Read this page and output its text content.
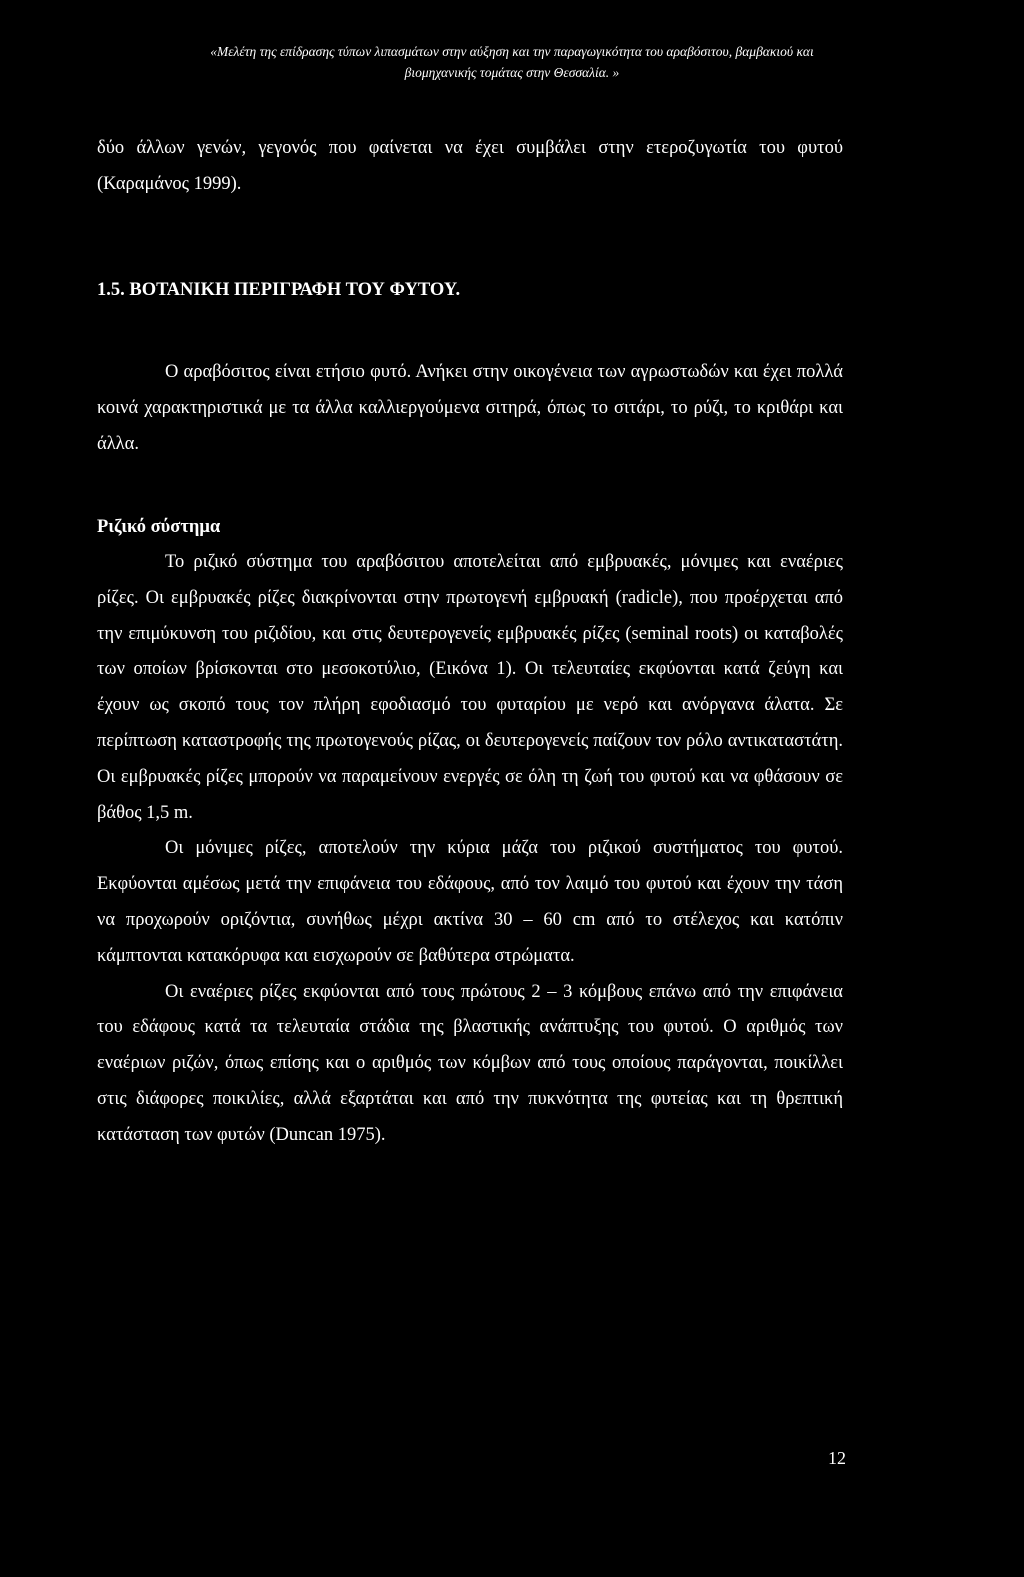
«Μελέτη της επίδρασης τύπων λιπασμάτων στην αύξηση και την παραγωγικότητα του αραβόσιτου, βαμβακιού και
βιομηχανικής τομάτας στην Θεσσαλία. »

δύο άλλων γενών, γεγονός που φαίνεται να έχει συμβάλει στην ετεροζυγωτία του φυτού (Καραμάνος 1999).

1.5. ΒΟΤΑΝΙΚΗ ΠΕΡΙΓΡΑΦΗ ΤΟΥ ΦΥΤΟΥ.

Ο αραβόσιτος είναι ετήσιο φυτό. Ανήκει στην οικογένεια των αγρωστωδών και έχει πολλά κοινά χαρακτηριστικά με τα άλλα καλλιεργούμενα σιτηρά, όπως το σιτάρι, το ρύζι, το κριθάρι και άλλα.

Ριζικό σύστημα

Το ριζικό σύστημα του αραβόσιτου αποτελείται από εμβρυακές, μόνιμες και εναέριες ρίζες. Οι εμβρυακές ρίζες διακρίνονται στην πρωτογενή εμβρυακή (radicle), που προέρχεται από την επιμύκυνση του ριζιδίου, και στις δευτερογενείς εμβρυακές ρίζες (seminal roots) οι καταβολές των οποίων βρίσκονται στο μεσοκοτύλιο, (Εικόνα 1). Οι τελευταίες εκφύονται κατά ζεύγη και έχουν ως σκοπό τους τον πλήρη εφοδιασμό του φυταρίου με νερό και ανόργανα άλατα. Σε περίπτωση καταστροφής της πρωτογενούς ρίζας, οι δευτερογενείς παίζουν τον ρόλο αντικαταστάτη. Οι εμβρυακές ρίζες μπορούν να παραμείνουν ενεργές σε όλη τη ζωή του φυτού και να φθάσουν σε βάθος 1,5 m.

Οι μόνιμες ρίζες, αποτελούν την κύρια μάζα του ριζικού συστήματος του φυτού. Εκφύονται αμέσως μετά την επιφάνεια του εδάφους, από τον λαιμό του φυτού και έχουν την τάση να προχωρούν οριζόντια, συνήθως μέχρι ακτίνα 30 – 60 cm από το στέλεχος και κατόπιν κάμπτονται κατακόρυφα και εισχωρούν σε βαθύτερα στρώματα.

Οι εναέριες ρίζες εκφύονται από τους πρώτους 2 – 3 κόμβους επάνω από την επιφάνεια του εδάφους κατά τα τελευταία στάδια της βλαστικής ανάπτυξης του φυτού. Ο αριθμός των εναέριων ριζών, όπως επίσης και ο αριθμός των κόμβων από τους οποίους παράγονται, ποικίλλει στις διάφορες ποικιλίες, αλλά εξαρτάται και από την πυκνότητα της φυτείας και τη θρεπτική κατάσταση των φυτών (Duncan 1975).

12
